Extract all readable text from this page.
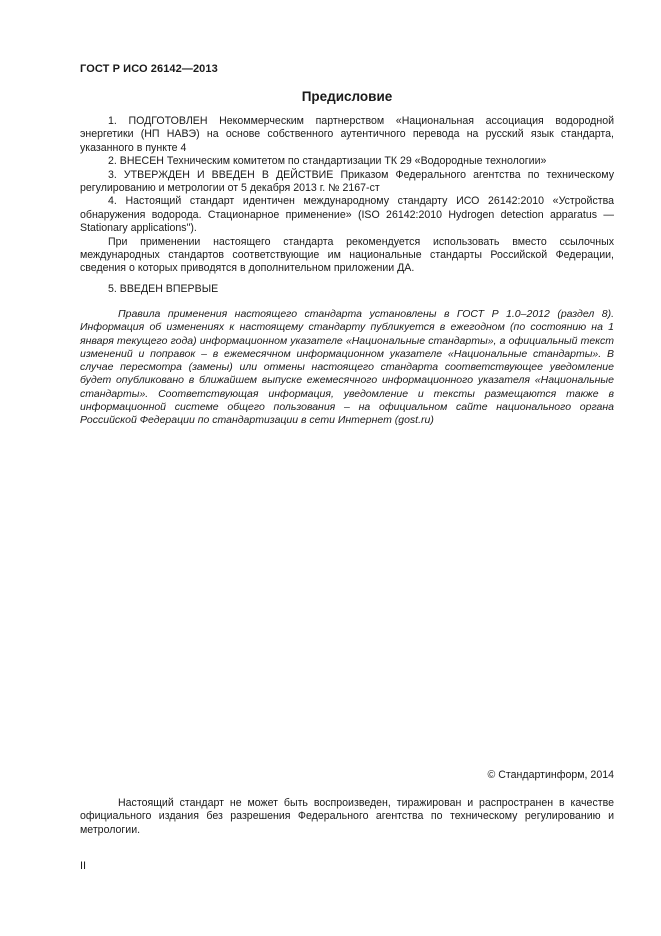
ГОСТ Р ИСО 26142—2013
Предисловие

1. ПОДГОТОВЛЕН Некоммерческим партнерством «Национальная ассоциация водородной энергетики (НП НАВЭ) на основе собственного аутентичного перевода на русский язык стандарта, указанного в пункте 4

2. ВНЕСЕН Техническим комитетом по стандартизации ТК 29 «Водородные технологии»

3. УТВЕРЖДЕН И ВВЕДЕН В ДЕЙСТВИЕ Приказом Федерального агентства по техническому регулированию и метрологии от 5 декабря 2013 г. № 2167-ст

4. Настоящий стандарт идентичен международному стандарту ИСО 26142:2010 «Устройства обнаружения водорода. Стационарное применение» (ISO 26142:2010 Hydrogen detection apparatus — Stationary applications").

При применении настоящего стандарта рекомендуется использовать вместо ссылочных международных стандартов соответствующие им национальные стандарты Российской Федерации, сведения о которых приводятся в дополнительном приложении ДА.

5. ВВЕДЕН ВПЕРВЫЕ

Правила применения настоящего стандарта установлены в ГОСТ Р 1.0–2012 (раздел 8). Информация об изменениях к настоящему стандарту публикуется в ежегодном (по состоянию на 1 января текущего года) информационном указателе «Национальные стандарты», а официальный текст изменений и поправок – в ежемесячном информационном указателе «Национальные стандарты». В случае пересмотра (замены) или отмены настоящего стандарта соответствующее уведомление будет опубликовано в ближайшем выпуске ежемесячного информационного указателя «Национальные стандарты». Соответствующая информация, уведомление и тексты размещаются также в информационной системе общего пользования – на официальном сайте национального органа Российской Федерации по стандартизации в сети Интернет (gost.ru)

© Стандартинформ, 2014

Настоящий стандарт не может быть воспроизведен, тиражирован и распространен в качестве официального издания без разрешения Федерального агентства по техническому регулированию и метрологии.

II
